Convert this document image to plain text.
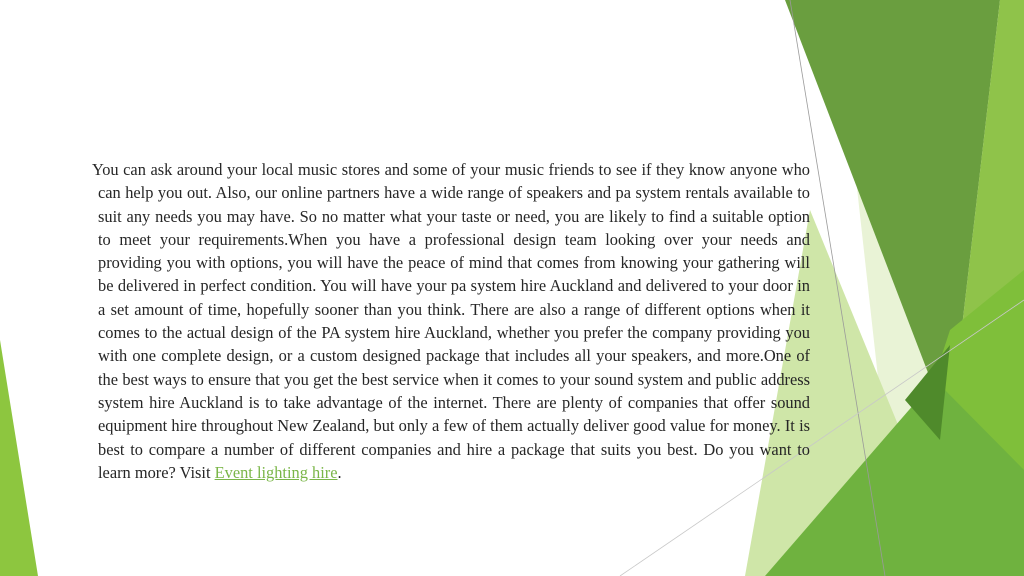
You can ask around your local music stores and some of your music friends to see if they know anyone who can help you out. Also, our online partners have a wide range of speakers and pa system rentals available to suit any needs you may have. So no matter what your taste or need, you are likely to find a suitable option to meet your requirements.When you have a professional design team looking over your needs and providing you with options, you will have the peace of mind that comes from knowing your gathering will be delivered in perfect condition. You will have your pa system hire Auckland and delivered to your door in a set amount of time, hopefully sooner than you think. There are also a range of different options when it comes to the actual design of the PA system hire Auckland, whether you prefer the company providing you with one complete design, or a custom designed package that includes all your speakers, and more.One of the best ways to ensure that you get the best service when it comes to your sound system and public address system hire Auckland is to take advantage of the internet. There are plenty of companies that offer sound equipment hire throughout New Zealand, but only a few of them actually deliver good value for money. It is best to compare a number of different companies and hire a package that suits you best. Do you want to learn more? Visit Event lighting hire.
